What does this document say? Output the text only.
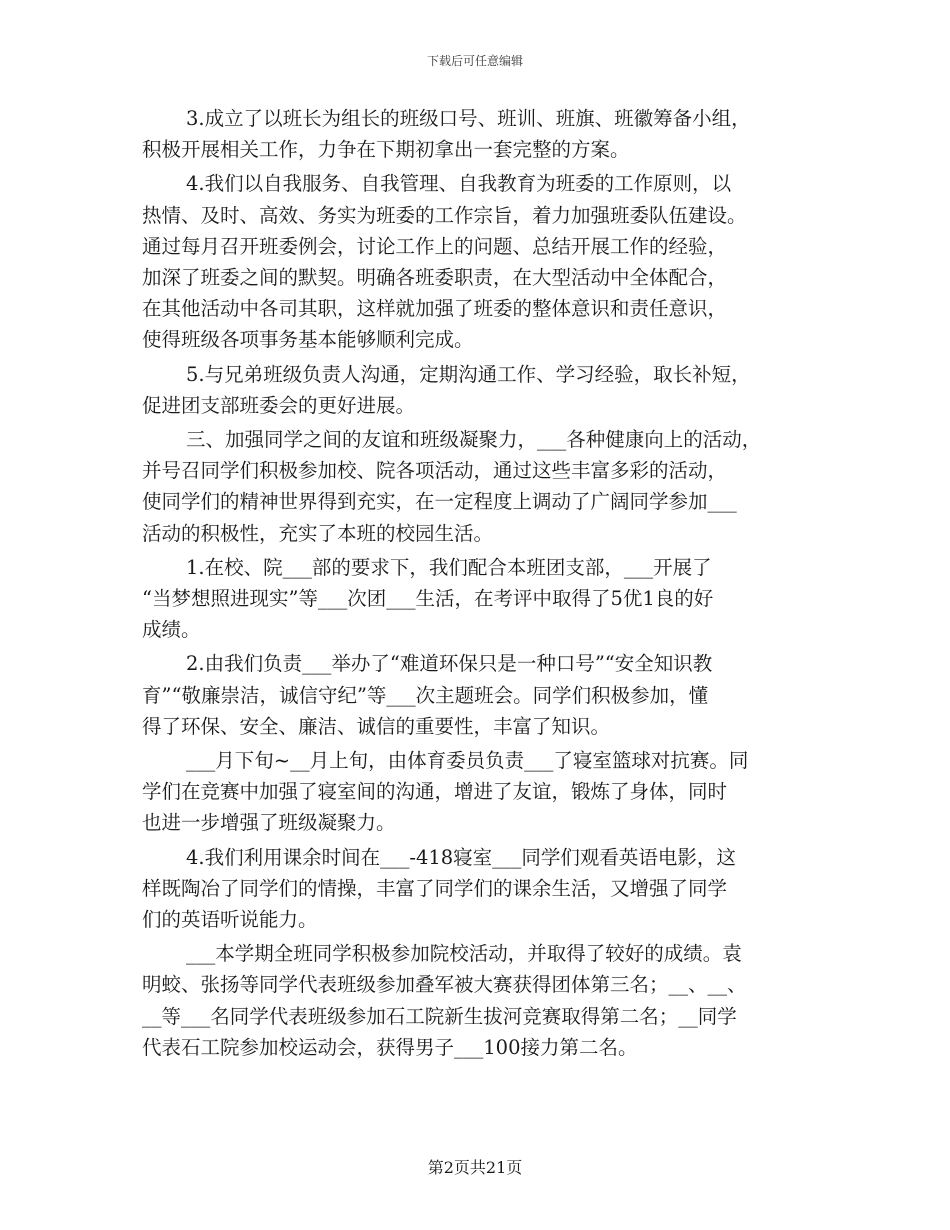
下载后可任意编辑

3.成立了以班长为组长的班级口号、班训、班旗、班徽筹备小组，
积极开展相关工作，力争在下期初拿出一套完整的方案。

4.我们以自我服务、自我管理、自我教育为班委的工作原则，以
热情、及时、高效、务实为班委的工作宗旨，着力加强班委队伍建设。
通过每月召开班委例会，讨论工作上的问题、总结开展工作的经验，
加深了班委之间的默契。明确各班委职责，在大型活动中全体配合，
在其他活动中各司其职，这样就加强了班委的整体意识和责任意识，
使得班级各项事务基本能够顺利完成。

5.与兄弟班级负责人沟通，定期沟通工作、学习经验，取长补短，
促进团支部班委会的更好进展。

三、加强同学之间的友谊和班级凝聚力，___各种健康向上的活动，
并号召同学们积极参加校、院各项活动，通过这些丰富多彩的活动，
使同学们的精神世界得到充实，在一定程度上调动了广阔同学参加___
活动的积极性，充实了本班的校园生活。

1.在校、院___部的要求下，我们配合本班团支部，___开展了
“当梦想照进现实”等___次团___生活，在考评中取得了5优1良的好
成绩。

2.由我们负责___举办了“难道环保只是一种口号”“安全知识教
育”“敬廉崇洁，诚信守纪”等___次主题班会。同学们积极参加，懂
得了环保、安全、廉洁、诚信的重要性，丰富了知识。

___月下旬~__月上旬，由体育委员负责___了寝室篮球对抗赛。同
学们在竞赛中加强了寝室间的沟通，增进了友谊，锻炼了身体，同时
也进一步增强了班级凝聚力。

4.我们利用课余时间在___-418寝室___同学们观看英语电影，这
样既陶冶了同学们的情操，丰富了同学们的课余生活，又增强了同学
们的英语听说能力。

___本学期全班同学积极参加院校活动，并取得了较好的成绩。袁
明蛟、张扬等同学代表班级参加叠军被大赛获得团体第三名；__、__、
__等___名同学代表班级参加石工院新生拔河竞赛取得第二名；__同学
代表石工院参加校运动会，获得男子___100接力第二名。

第2页共21页
